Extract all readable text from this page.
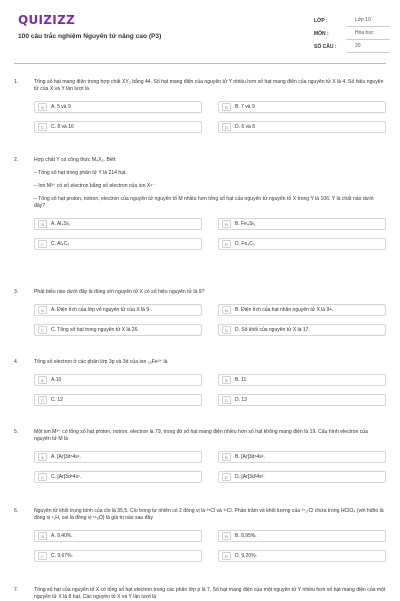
QUIZIZZ
100 câu trắc nghiệm Nguyên tử nâng cao (P3)
LỚP :	Lớp 10
MÔN :	Hóa học
SỐ CÂU :	20
1.	Tổng số hạt mang điện trong hợp chất XY₂ bằng 44. Số hạt mang điện của nguyên tử Y nhiều hơn số hạt mang điện của nguyên tử X là 4. Số hiệu nguyên tử của X và Y lần lượt là

A	A. 5 và 9	B	B. 7 và 9
C	C. 8 và 16	D	D. 6 và 8
2.	Hợp chất Y có công thức M₄X₃. Biết:

– Tổng số hạt trong phân tử Y là 214 hạt.

– Ion M³⁺ có số electron bằng số electron của ion X⁴⁻

– Tổng số hạt proton, notron, electron của nguyên tử nguyên tố M nhiều hơn tổng số hạt của nguyên tử nguyên tố X trong Y là 106. Y là chất nào dưới đây?

A	A. Al₄Si₃	B	B. Fe₄Si₃
C	C. Al₄C₃	D	D. Fe₄C₃
3.	Phát biểu nào dưới đây là đúng với nguyên tử X có số hiệu nguyên tử là 9?

A	A. Điện tích của lớp vỏ nguyên tử của X là 9-.	B	B. Điện tích của hạt nhân nguyên tử X là 9+.
C	C. Tổng số hạt trong nguyên tử X là 26.	D	D. Số khối của nguyên tử X là 17.
4.	Tổng số electron ở các phân lớp 3p và 3d của ion ₂₆Fe³⁺ là

A	A.10	B	B. 11
C	C. 12	D	D. 13
5.	Một ion M³⁺ có tổng số hạt proton, notron, electron là 79, trong đó số hạt mang điện nhiều hơn số hạt không mang điện là 19. Cấu hình electron của nguyên tử M là

A	A. [Ar]3d⁵4s¹.	B	B. [Ar]3d⁶4s².
C	C. [Ar]3d⁶4s¹.	D	D. [Ar]3d³4s².
6.	Nguyên tử khối trung bình của clo là 35,5. Clo trong tự nhiên có 2 đồng vị là ³⁵Cl và ³⁷Cl. Phần trăm về khối lượng của ³⁷₁₇Cl chứa trong HClO₄ (với hiđro là đồng vị ¹₁H, oxi là đồng vị ¹⁶₈O) là giá trị nào sau đây

A	A. 9,40%.	B	B. 8,95%.
C	C. 9,67%.	D	D. 9,20%.
7.	Tổng số hạt của nguyên tố X có tổng số hạt electron trong các phân lớp p là 7. Số hạt mang điện của một nguyên tử Y nhiều hơn số hạt mang điện của một nguyên tử X là 8 hạt. Các nguyên tố X và Y lần lượt là
